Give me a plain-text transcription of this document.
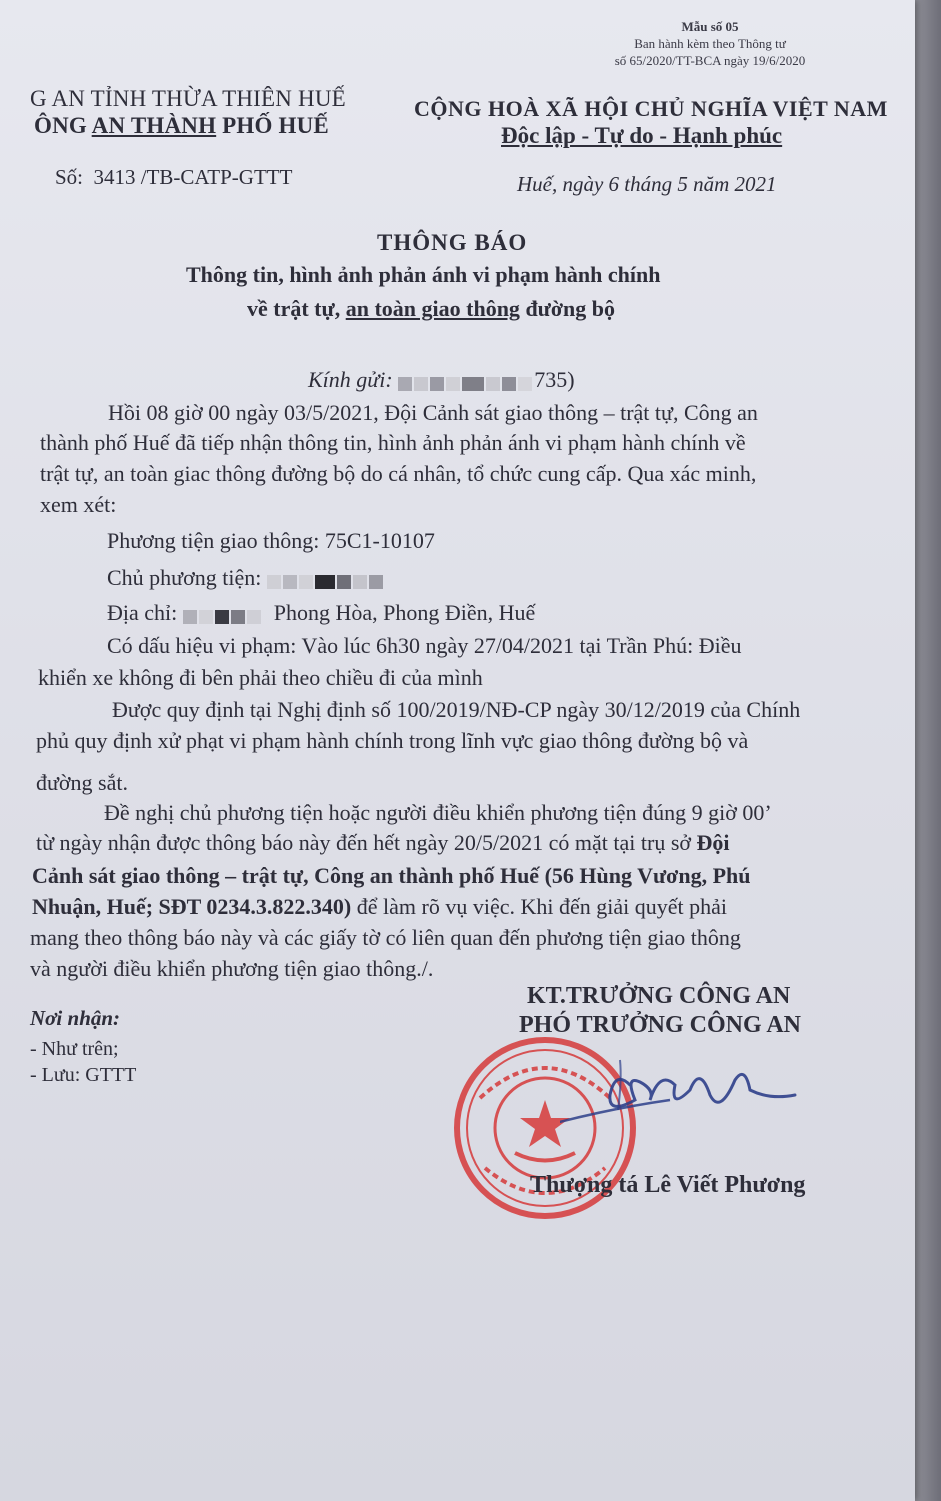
Mẫu số 05
Ban hành kèm theo Thông tư
số 65/2020/TT-BCA ngày 19/6/2020
G AN TỈNH THỪA THIÊN HUẾ
ÔNG AN THÀNH PHỐ HUẾ
CỘNG HOÀ XÃ HỘI CHỦ NGHĨA VIỆT NAM
Độc lập - Tự do - Hạnh phúc
Số: 3413 /TB-CATP-GTTT	Huế, ngày 6 tháng 5 năm 2021
THÔNG BÁO
Thông tin, hình ảnh phản ánh vi phạm hành chính
về trật tự, an toàn giao thông đường bộ
Kính gửi:	735)
Hồi 08 giờ 00 ngày 03/5/2021, Đội Cảnh sát giao thông – trật tự, Công an
thành phố Huế đã tiếp nhận thông tin, hình ảnh phản ánh vi phạm hành chính về
trật tự, an toàn giac thông đường bộ do cá nhân, tổ chức cung cấp. Qua xác minh,
xem xét:
Phương tiện giao thông: 75C1-10107
Chủ phương tiện:
Địa chỉ:	Phong Hòa, Phong Điền, Huế
Có dấu hiệu vi phạm: Vào lúc 6h30 ngày 27/04/2021 tại Trần Phú: Điều
khiển xe không đi bên phải theo chiều đi của mình
Được quy định tại Nghị định số 100/2019/NĐ-CP ngày 30/12/2019 của Chính
phủ quy định xử phạt vi phạm hành chính trong lĩnh vực giao thông đường bộ và
đường sắt.
Đề nghị chủ phương tiện hoặc người điều khiển phương tiện đúng 9 giờ 00’
từ ngày nhận được thông báo này đến hết ngày 20/5/2021 có mặt tại trụ sở Đội
Cảnh sát giao thông – trật tự, Công an thành phố Huế (56 Hùng Vương, Phú
Nhuận, Huế; SĐT 0234.3.822.340) để làm rõ vụ việc. Khi đến giải quyết phải
mang theo thông báo này và các giấy tờ có liên quan đến phương tiện giao thông
và người điều khiển phương tiện giao thông./.
Nơi nhận:
- Như trên;
- Lưu: GTTT
KT.TRƯỞNG CÔNG AN
PHÓ TRƯỞNG CÔNG AN
Thượng tá Lê Viết Phương
